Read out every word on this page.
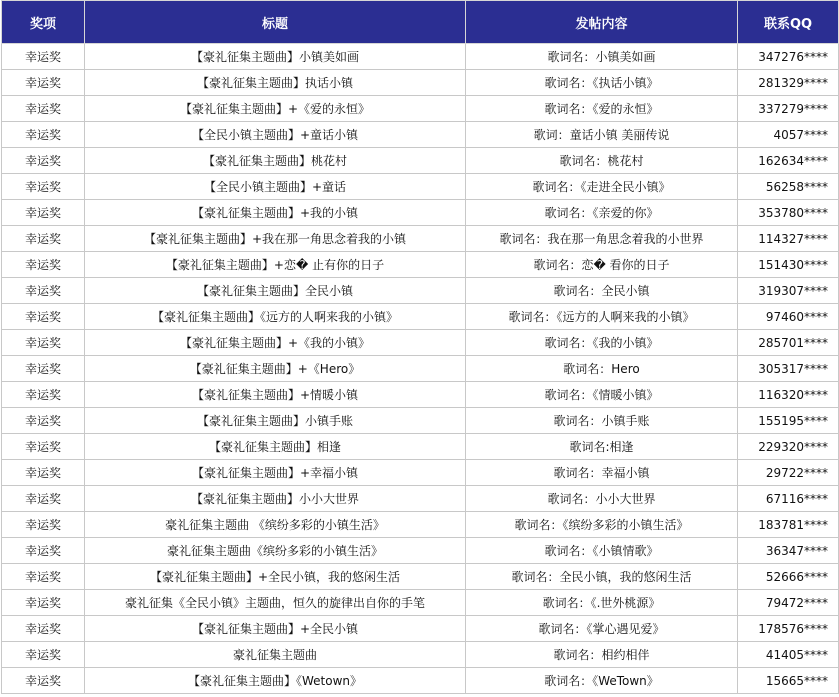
奖项	标题	发帖内容	联系QQ
幸运奖	【豪礼征集主题曲】小镇美如画	歌词名：小镇美如画	347276****
幸运奖	【豪礼征集主题曲】执话小镇	歌词名：《执话小镇》	281329****
幸运奖	【豪礼征集主题曲】+《爱的永恒》	歌词名：《爱的永恒》	337279****
幸运奖	【全民小镇主题曲】+童话小镇	歌词：童话小镇 美丽传说	4057****
幸运奖	【豪礼征集主题曲】桃花村	歌词名：桃花村	162634****
幸运奖	【全民小镇主题曲】+童话	歌词名：《走进全民小镇》	56258****
幸运奖	【豪礼征集主题曲】+我的小镇	歌词名：《亲爱的你》	353780****
幸运奖	【豪礼征集主题曲】+我在那一角思念着我的小镇	歌词名：我在那一角思念着我的小世界	114327****
幸运奖	【豪礼征集主题曲】+恋� 止有你的日子	歌词名：恋� 看你的日子	151430****
幸运奖	【豪礼征集主题曲】全民小镇	歌词名：全民小镇	319307****
幸运奖	【豪礼征集主题曲】《远方的人啊来我的小镇》	歌词名：《远方的人啊来我的小镇》	97460****
幸运奖	【豪礼征集主题曲】+《我的小镇》	歌词名：《我的小镇》	285701****
幸运奖	【豪礼征集主题曲】+《Hero》	歌词名：Hero	305317****
幸运奖	【豪礼征集主题曲】+情暖小镇	歌词名：《情暖小镇》	116320****
幸运奖	【豪礼征集主题曲】小镇手账	歌词名：小镇手账	155195****
幸运奖	【豪礼征集主题曲】相逢	歌词名:相逢	229320****
幸运奖	【豪礼征集主题曲】+幸福小镇	歌词名：幸福小镇	29722****
幸运奖	【豪礼征集主题曲】小小大世界	歌词名：小小大世界	67116****
幸运奖	豪礼征集主题曲 《缤纷多彩的小镇生活》	歌词名：《缤纷多彩的小镇生活》	183781****
幸运奖	豪礼征集主题曲《缤纷多彩的小镇生活》	歌词名：《小镇情歌》	36347****
幸运奖	【豪礼征集主题曲】+全民小镇，我的悠闲生活	歌词名：全民小镇，我的悠闲生活	52666****
幸运奖	豪礼征集《全民小镇》主题曲，恒久的旋律出自你的手笔	歌词名：《.世外桃源》	79472****
幸运奖	【豪礼征集主题曲】+全民小镇	歌词名：《掌心遇见爱》	178576****
幸运奖	豪礼征集主题曲	歌词名：相约相伴	41405****
幸运奖	【豪礼征集主题曲】《Wetown》	歌词名：《WeTown》	15665****
